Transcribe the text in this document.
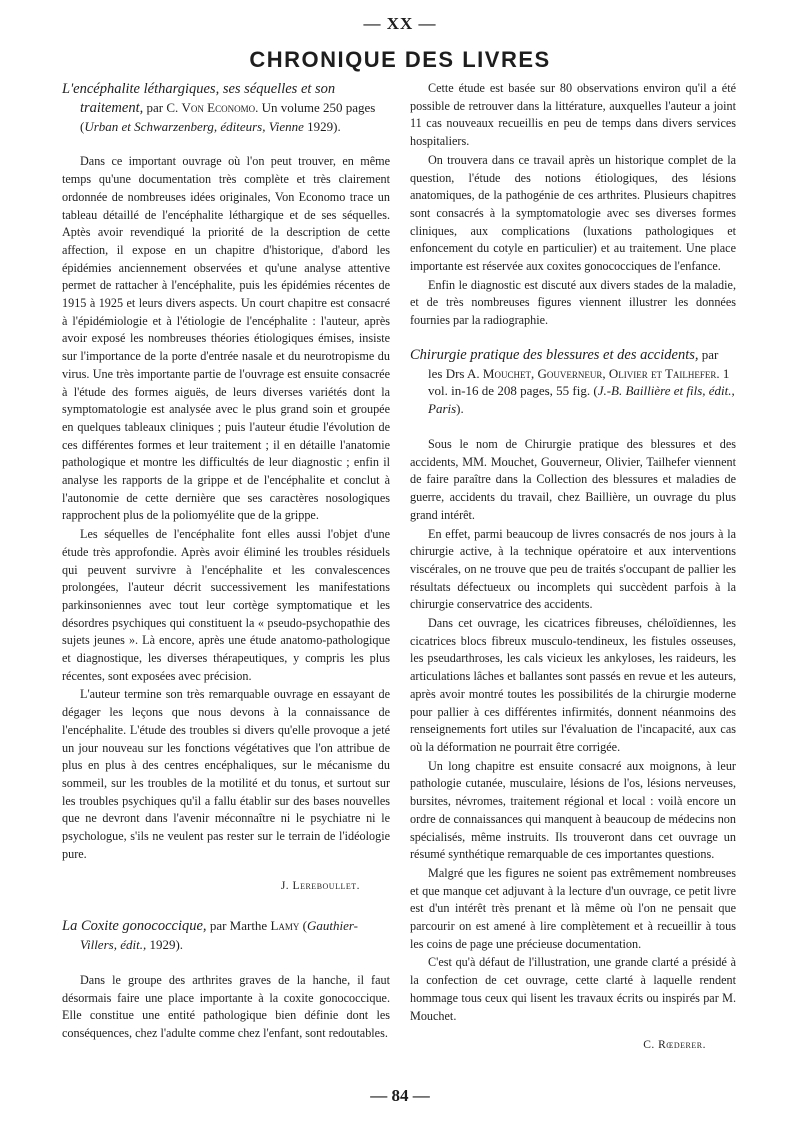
— XX —
CHRONIQUE DES LIVRES
L'encéphalite léthargiques, ses séquelles et son traitement, par C. Von Economo. Un volume 250 pages (Urban et Schwarzenberg, éditeurs, Vienne 1929).

Dans ce important ouvrage où l'on peut trouver, en même temps qu'une documentation très complète et très clairement ordonnée de nombreuses idées originales, Von Economo trace un tableau détaillé de l'encéphalite léthargique et de ses séquelles. Aptès avoir revendiqué la priorité de la description de cette affection, il expose en un chapitre d'historique, d'abord les épidémies anciennement observées et qu'une analyse attentive permet de rattacher à l'encéphalite, puis les épidémies récentes de 1915 à 1925 et leurs divers aspects. Un court chapitre est consacré à l'épidémiologie et à l'étiologie de l'encéphalite : l'auteur, après avoir exposé les nombreuses théories étiologiques émises, insiste sur l'importance de la porte d'entrée nasale et du neurotropisme du virus. Une très importante partie de l'ouvrage est ensuite consacrée à l'étude des formes aiguës, de leurs diverses variétés dont la symptomatologie est analysée avec le plus grand soin et groupée en quelques tableaux cliniques ; puis l'auteur étudie l'évolution de ces différentes formes et leur traitement ; il en détaille l'anatomie pathologique et montre les difficultés de leur diagnostic ; enfin il analyse les rapports de la grippe et de l'encéphalite et conclut à l'autonomie de cette dernière que ses caractères nosologiques rapprochent plus de la poliomyélite que de la grippe.

Les séquelles de l'encéphalite font elles aussi l'objet d'une étude très approfondie. Après avoir éliminé les troubles résiduels qui peuvent survivre à l'encéphalite et les convalescences prolongées, l'auteur décrit successivement les manifestations parkinsoniennes avec tout leur cortège symptomatique et les désordres psychiques qui constituent la « pseudo-psychopathie des sujets jeunes ». Là encore, après une étude anatomo-pathologique et diagnostique, les diverses thérapeutiques, y compris les plus récentes, sont exposées avec précision.

L'auteur termine son très remarquable ouvrage en essayant de dégager les leçons que nous devons à la connaissance de l'encéphalite. L'étude des troubles si divers qu'elle provoque a jeté un jour nouveau sur les fonctions végétatives que l'on attribue de plus en plus à des centres encéphaliques, sur le mécanisme du sommeil, sur les troubles de la motilité et du tonus, et surtout sur les troubles psychiques qu'il a fallu établir sur des bases nouvelles que ne devront dans l'avenir méconnaître ni le psychiatre ni le psychologue, s'ils ne veulent pas rester sur le terrain de l'idéologie pure.

J. Lereboullet.
La Coxite gonococcique, par Marthe Lamy (Gauthier-Villers, édit., 1929).

Dans le groupe des arthrites graves de la hanche, il faut désormais faire une place importante à la coxite gonococcique. Elle constitue une entité pathologique bien définie dont les conséquences, chez l'adulte comme chez l'enfant, sont redoutables.

Cette étude est basée sur 80 observations environ qu'il a été possible de retrouver dans la littérature, auxquelles l'auteur a joint 11 cas nouveaux recueillis en peu de temps dans divers services hospitaliers.

On trouvera dans ce travail après un historique complet de la question, l'étude des notions étiologiques, des lésions anatomiques, de la pathogénie de ces arthrites. Plusieurs chapitres sont consacrés à la symptomatologie avec ses diverses formes cliniques, aux complications (luxations pathologiques et enfoncement du cotyle en particulier) et au traitement. Une place importante est réservée aux coxites gonococciques de l'enfance.

Enfin le diagnostic est discuté aux divers stades de la maladie, et de très nombreuses figures viennent illustrer les données fournies par la radiographie.

Chirurgie pratique des blessures et des accidents, par les Drs A. Mouchet, Gouverneur, Olivier et Tailhefer. 1 vol. in-16 de 208 pages, 55 fig. (J.-B. Baillière et fils, édit., Paris).

Sous le nom de Chirurgie pratique des blessures et des accidents, MM. Mouchet, Gouverneur, Olivier, Tailhefer viennent de faire paraître dans la Collection des blessures et maladies de guerre, accidents du travail, chez Baillière, un ouvrage du plus grand intérêt.

En effet, parmi beaucoup de livres consacrés de nos jours à la chirurgie active, à la technique opératoire et aux interventions viscérales, on ne trouve que peu de traités s'occupant de pallier les résultats défectueux ou incomplets qui succèdent parfois à la chirurgie conservatrice des accidents.

Dans cet ouvrage, les cicatrices fibreuses, chéloïdiennes, les cicatrices blocs fibreux musculo-tendineux, les fistules osseuses, les pseudarthroses, les cals vicieux les ankyloses, les raideurs, les articulations lâches et ballantes sont passés en revue et les auteurs, après avoir montré toutes les possibilités de la chirurgie moderne pour pallier à ces différentes infirmités, donnent néanmoins des renseignements fort utiles sur l'évaluation de l'incapacité, aux cas où la déformation ne pourrait être corrigée.

Un long chapitre est ensuite consacré aux moignons, à leur pathologie cutanée, musculaire, lésions de l'os, lésions nerveuses, bursites, névromes, traitement régional et local : voilà encore un ordre de connaissances qui manquent à beaucoup de médecins non spécialisés, même instruits. Ils trouveront dans cet ouvrage un résumé synthétique remarquable de ces importantes questions.

Malgré que les figures ne soient pas extrêmement nombreuses et que manque cet adjuvant à la lecture d'un ouvrage, ce petit livre est d'un intérêt très prenant et là même où l'on ne pensait que parcourir on est amené à lire complètement et à recueillir à tous les coins de page une précieuse documentation.

C'est qu'à défaut de l'illustration, une grande clarté a présidé à la confection de cet ouvrage, cette clarté à laquelle rendent hommage tous ceux qui lisent les travaux écrits ou inspirés par M. Mouchet.

C. Rœderer.
— 84 —
